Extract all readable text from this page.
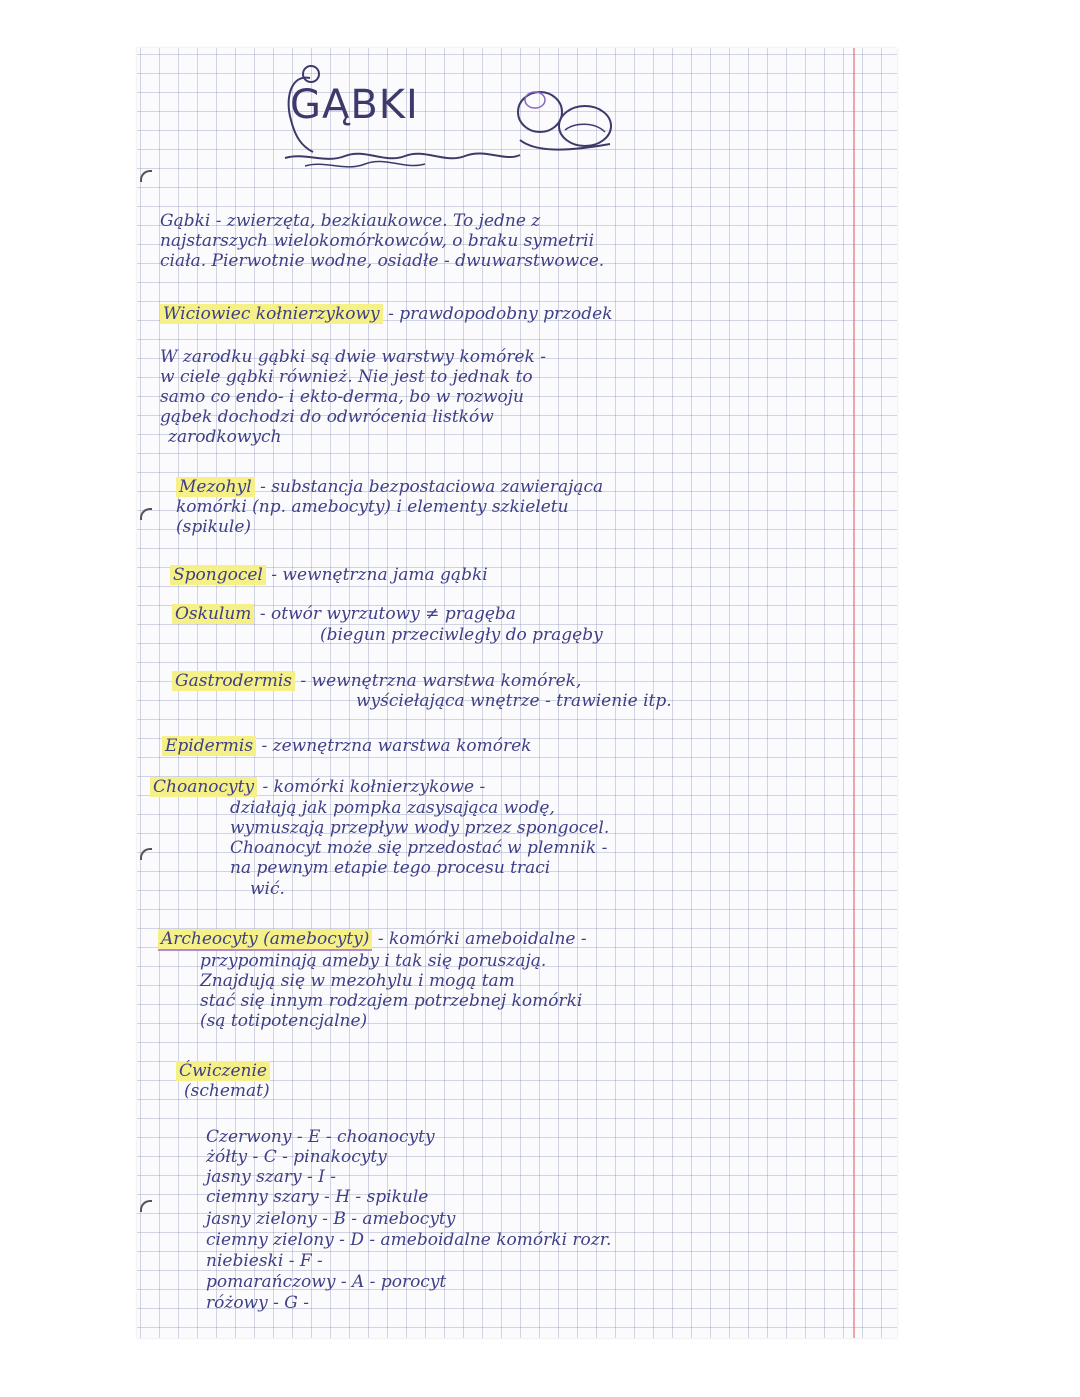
GĄBKI

Gąbki - zwierzęta, bezkiaukowce. To jedne z

najstarszych wielokomórkowców, o braku symetrii

ciała. Pierwotnie wodne, osiadłe - dwuwarstwowce.

Wiciowiec kołnierzykowy - prawdopodobny przodek

W zarodku gąbki są dwie warstwy komórek -

w ciele gąbki również. Nie jest to jednak to

samo co endo- i ekto-derma, bo w rozwoju

gąbek dochodzi do odwrócenia listków

zarodkowych

Mezohyl - substancja bezpostaciowa zawierająca

komórki (np. amebocyty) i elementy szkieletu

(spikule)

Spongocel - wewnętrzna jama gąbki

Oskulum - otwór wyrzutowy ≠ pragęba

(biegun przeciwległy do pragęby

Gastrodermis - wewnętrzna warstwa komórek,

wyściełająca wnętrze - trawienie itp.

Epidermis - zewnętrzna warstwa komórek

Choanocyty - komórki kołnierzykowe -

działają jak pompka zasysająca wodę,

wymuszają przepływ wody przez spongocel.

Choanocyt może się przedostać w plemnik -

na pewnym etapie tego procesu traci

wić.

Archeocyty (amebocyty) - komórki ameboidalne -

przypominają ameby i tak się poruszają.

Znajdują się w mezohylu i mogą tam

stać się innym rodzajem potrzebnej komórki

(są totipotencjalne)

Ćwiczenie

(schemat)

Czerwony - E - choanocyty

żółty - C - pinakocyty

jasny szary - I -

ciemny szary - H - spikule

jasny zielony - B - amebocyty

ciemny zielony - D - ameboidalne komórki rozr.

niebieski - F -

pomarańczowy - A - porocyt

różowy - G -
